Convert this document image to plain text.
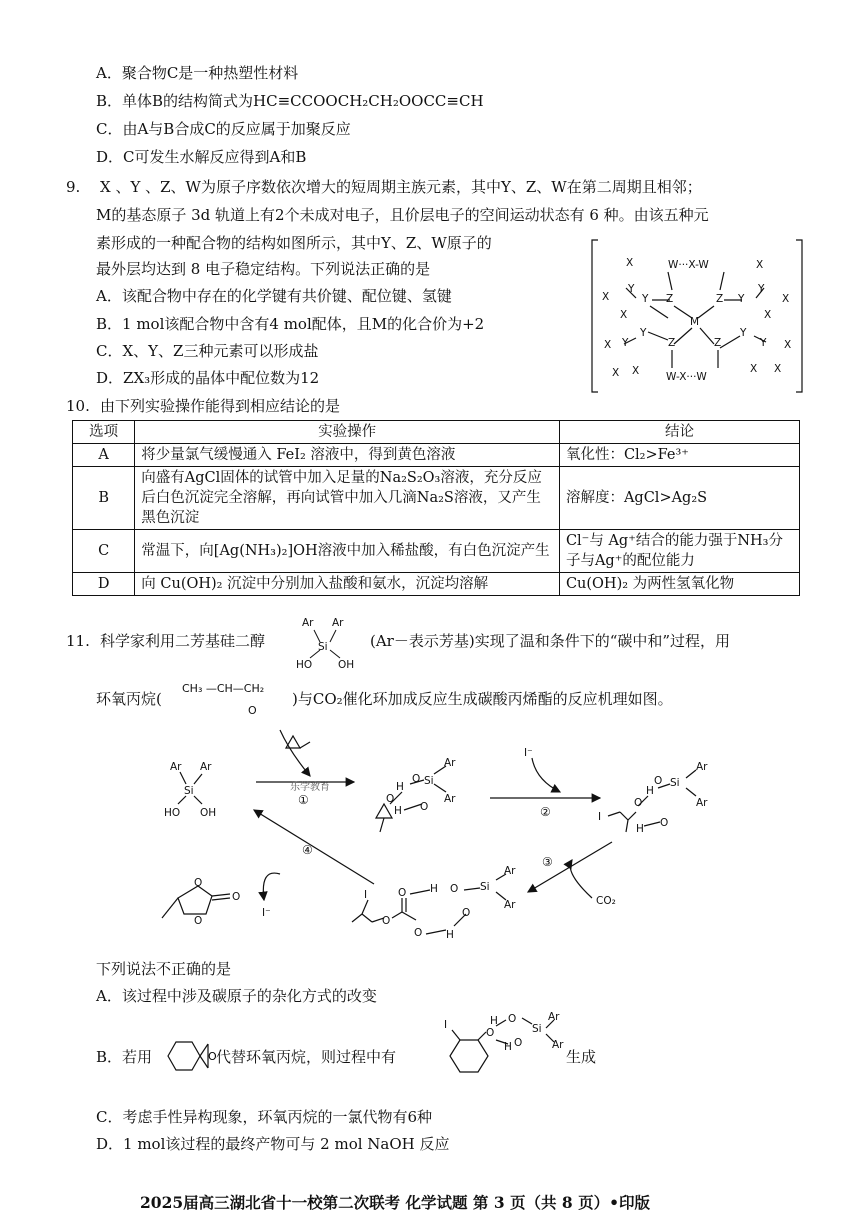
A．聚合物C是一种热塑性材料
B．单体B的结构简式为HC≡CCOOCH₂CH₂OOCC≡CH
C．由A与B合成C的反应属于加聚反应
D．C可发生水解反应得到A和B
9. X 、Y 、Z、W为原子序数依次增大的短周期主族元素，其中Y、Z、W在第二周期且相邻；
M的基态原子 3d 轨道上有2个未成对电子，且价层电子的空间运动状态有 6 种。由该五种元
素形成的一种配合物的结构如图所示，其中Y、Z、W原子的
最外层均达到 8 电子稳定结构。下列说法正确的是
A．该配合物中存在的化学键有共价键、配位键、氢键
B．1 mol该配合物中含有4 mol配体，且M的化合价为+2
C．X、Y、Z三种元素可以形成盐
D．ZX₃形成的晶体中配位数为12
W···X-W
W-X···W
M
Z	Z
Z	Z
Y	Y
Y	Y
Y	Y
Y	Y
X
X
X
X
X
X
X
X X
X
X
X
10. 由下列实验操作能得到相应结论的是
选项	实验操作	结论
A	将少量氯气缓慢通入 FeI₂ 溶液中，得到黄色溶液	氧化性：Cl₂>Fe³⁺
B	向盛有AgCl固体的试管中加入足量的Na₂S₂O₃溶液，充分反应后白色沉淀完全溶解，再向试管中加入几滴Na₂S溶液，又产生黑色沉淀	溶解度：AgCl>Ag₂S
C	常温下，向[Ag(NH₃)₂]OH溶液中加入稀盐酸，有白色沉淀产生	Cl⁻与 Ag⁺结合的能力强于NH₃分子与Ag⁺的配位能力
D	向 Cu(OH)₂ 沉淀中分别加入盐酸和氨水，沉淀均溶解	Cu(OH)₂ 为两性氢氧化物
11. 科学家利用二芳基硅二醇
Ar Ar
Si
HO OH
(Ar－表示芳基)实现了温和条件下的“碳中和”过程，用
环氧丙烷(
CH₃ —CH—CH₂
O
)与CO₂催化环加成反应生成碳酸丙烯酯的反应机理如图。
Ar Ar
Si
HO OH
乐学教育
①	O
H
O Si
Ar
Ar
H O
I⁻
②	I
O
H
O Si
Ar
Ar
H O
③
CO₂
I
O
O H O Si
Ar
Ar
O H
O
④
I⁻
O
O
O
下列说法不正确的是
A．该过程中涉及碳原子的杂化方式的改变
B．若用	O 代替环氧丙烷，则过程中有
I
O
H O
Si
Ar
Ar
H O
生成
C．考虑手性异构现象，环氧丙烷的一氯代物有6种
D．1 mol该过程的最终产物可与 2 mol NaOH 反应
2025届高三湖北省十一校第二次联考 化学试题 第 3 页（共 8 页）•印版
